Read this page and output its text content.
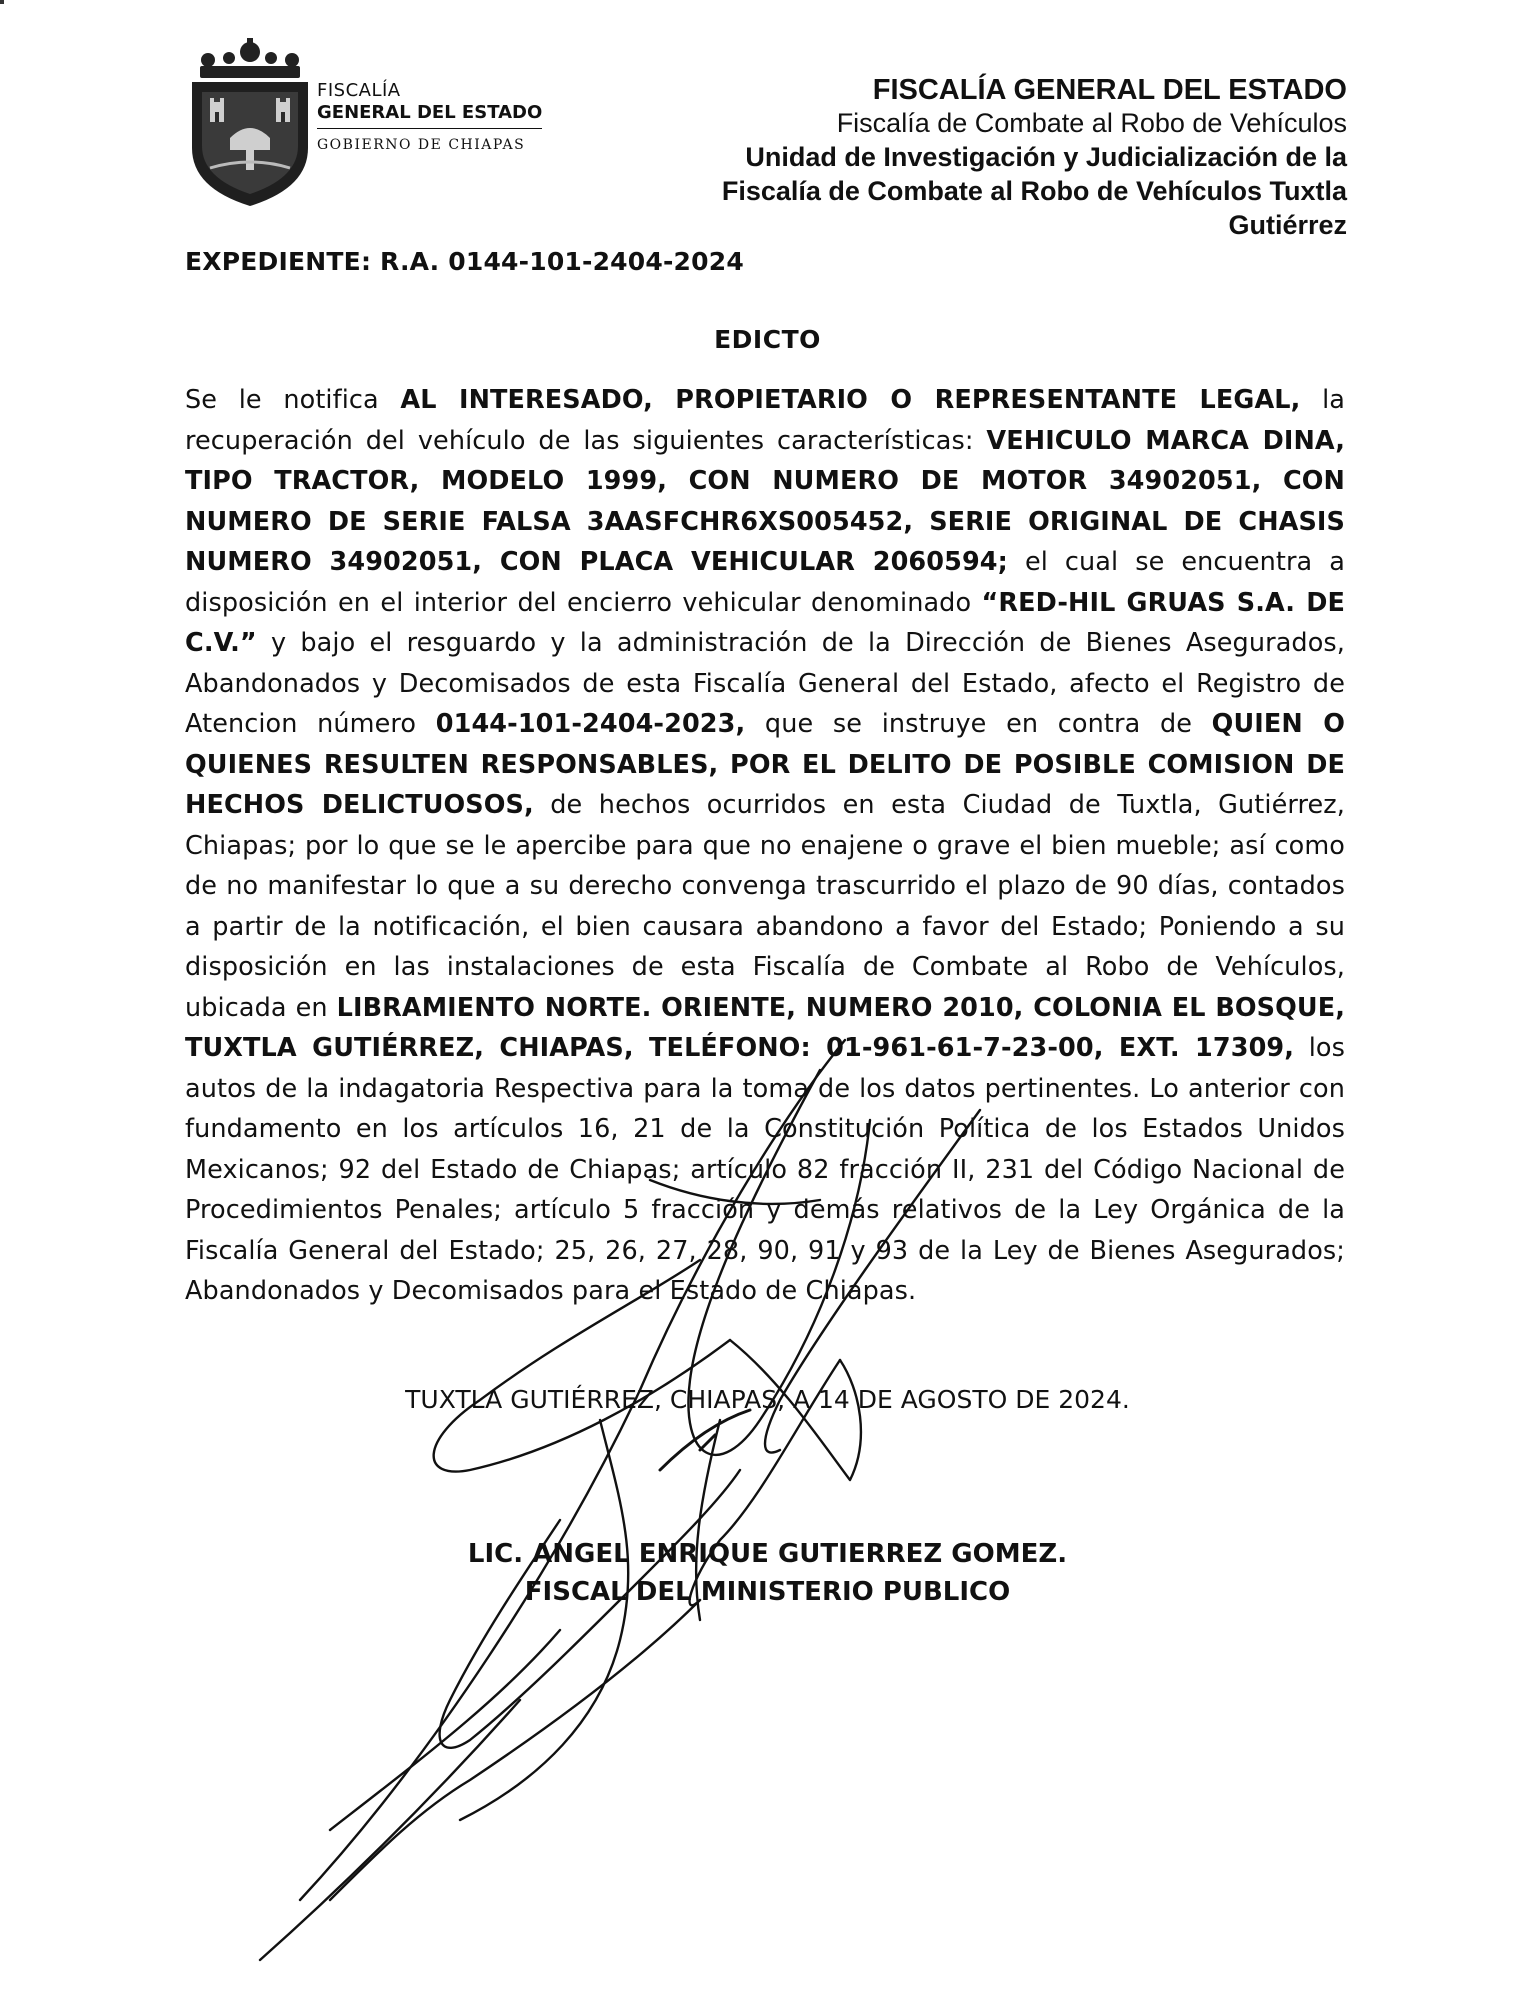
FISCALÍA
GENERAL DEL ESTADO
GOBIERNO DE CHIAPAS
FISCALÍA GENERAL DEL ESTADO
Fiscalía de Combate al Robo de Vehículos
Unidad de Investigación y Judicialización de la
Fiscalía de Combate al Robo de Vehículos Tuxtla
Gutiérrez
EXPEDIENTE: R.A. 0144-101-2404-2024
EDICTO
Se le notifica AL INTERESADO, PROPIETARIO O REPRESENTANTE LEGAL, la recuperación del vehículo de las siguientes características: VEHICULO MARCA DINA, TIPO TRACTOR, MODELO 1999, CON NUMERO DE MOTOR 34902051, CON NUMERO DE SERIE FALSA 3AASFCHR6XS005452, SERIE ORIGINAL DE CHASIS NUMERO 34902051, CON PLACA VEHICULAR 2060594; el cual se encuentra a disposición en el interior del encierro vehicular denominado “RED-HIL GRUAS S.A. DE C.V.” y bajo el resguardo y la administración de la Dirección de Bienes Asegurados, Abandonados y Decomisados de esta Fiscalía General del Estado, afecto el Registro de Atencion número 0144-101-2404-2023, que se instruye en contra de QUIEN O QUIENES RESULTEN RESPONSABLES, POR EL DELITO DE POSIBLE COMISION DE HECHOS DELICTUOSOS, de hechos ocurridos en esta Ciudad de Tuxtla, Gutiérrez, Chiapas; por lo que se le apercibe para que no enajene o grave el bien mueble; así como de no manifestar lo que a su derecho convenga trascurrido el plazo de 90 días, contados a partir de la notificación, el bien causara abandono a favor del Estado; Poniendo a su disposición en las instalaciones de esta Fiscalía de Combate al Robo de Vehículos, ubicada en LIBRAMIENTO NORTE. ORIENTE, NUMERO 2010, COLONIA EL BOSQUE, TUXTLA GUTIÉRREZ, CHIAPAS, TELÉFONO: 01-961-61-7-23-00, EXT. 17309, los autos de la indagatoria Respectiva para la toma de los datos pertinentes. Lo anterior con fundamento en los artículos 16, 21 de la Constitución Política de los Estados Unidos Mexicanos; 92 del Estado de Chiapas; artículo 82 fracción II, 231 del Código Nacional de Procedimientos Penales; artículo 5 fracción y demás relativos de la Ley Orgánica de la Fiscalía General del Estado; 25, 26, 27, 28, 90, 91 y 93 de la Ley de Bienes Asegurados; Abandonados y Decomisados para el Estado de Chiapas.
TUXTLA GUTIÉRREZ, CHIAPAS, A 14 DE AGOSTO DE 2024.
LIC. ANGEL ENRIQUE GUTIERREZ GOMEZ.
FISCAL DEL MINISTERIO PUBLICO
